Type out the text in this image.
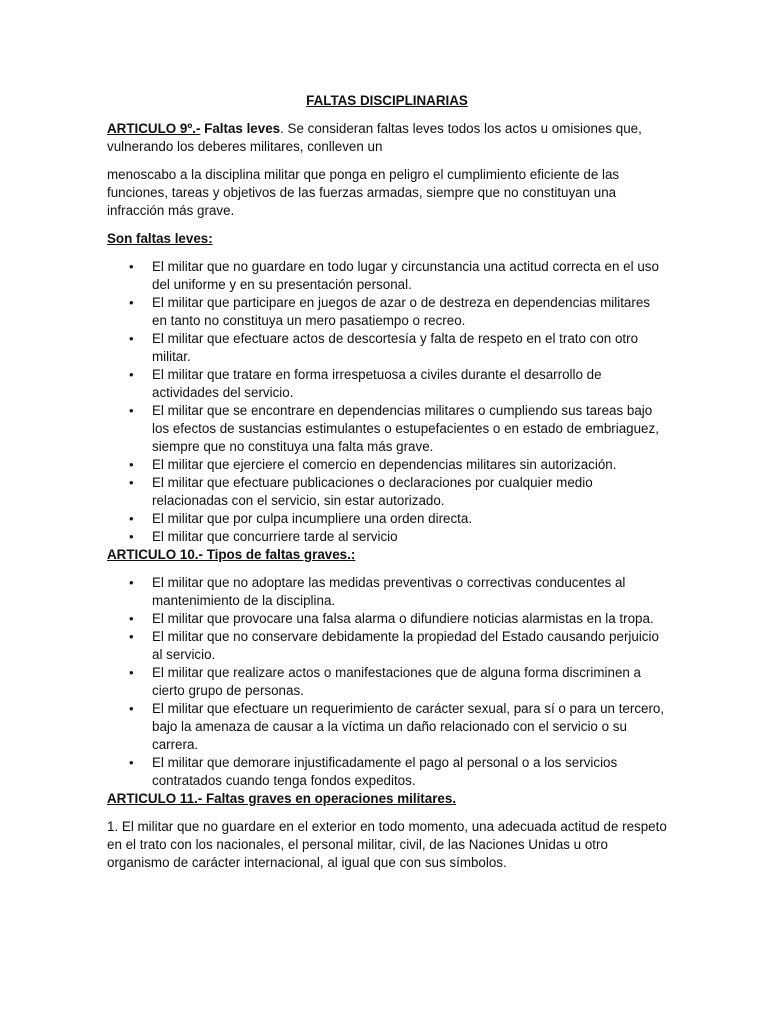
FALTAS DISCIPLINARIAS

ARTICULO 9º.- Faltas leves. Se consideran faltas leves todos los actos u omisiones que, vulnerando los deberes militares, conlleven un

menoscabo a la disciplina militar que ponga en peligro el cumplimiento eficiente de las funciones, tareas y objetivos de las fuerzas armadas, siempre que no constituyan una infracción más grave.

Son faltas leves:
• El militar que no guardare en todo lugar y circunstancia una actitud correcta en el uso del uniforme y en su presentación personal.
• El militar que participare en juegos de azar o de destreza en dependencias militares en tanto no constituya un mero pasatiempo o recreo.
• El militar que efectuare actos de descortesía y falta de respeto en el trato con otro militar.
• El militar que tratare en forma irrespetuosa a civiles durante el desarrollo de actividades del servicio.
• El militar que se encontrare en dependencias militares o cumpliendo sus tareas bajo los efectos de sustancias estimulantes o estupefacientes o en estado de embriaguez, siempre que no constituya una falta más grave.
• El militar que ejerciere el comercio en dependencias militares sin autorización.
• El militar que efectuare publicaciones o declaraciones por cualquier medio relacionadas con el servicio, sin estar autorizado.
• El militar que por culpa incumpliere una orden directa.
• El militar que concurriere tarde al servicio
ARTICULO 10.- Tipos de faltas graves.:
• El militar que no adoptare las medidas preventivas o correctivas conducentes al mantenimiento de la disciplina.
• El militar que provocare una falsa alarma o difundiere noticias alarmistas en la tropa.
• El militar que no conservare debidamente la propiedad del Estado causando perjuicio al servicio.
• El militar que realizare actos o manifestaciones que de alguna forma discriminen a cierto grupo de personas.
• El militar que efectuare un requerimiento de carácter sexual, para sí o para un tercero, bajo la amenaza de causar a la víctima un daño relacionado con el servicio o su carrera.
• El militar que demorare injustificadamente el pago al personal o a los servicios contratados cuando tenga fondos expeditos.
ARTICULO 11.- Faltas graves en operaciones militares.

1. El militar que no guardare en el exterior en todo momento, una adecuada actitud de respeto en el trato con los nacionales, el personal militar, civil, de las Naciones Unidas u otro organismo de carácter internacional, al igual que con sus símbolos.
